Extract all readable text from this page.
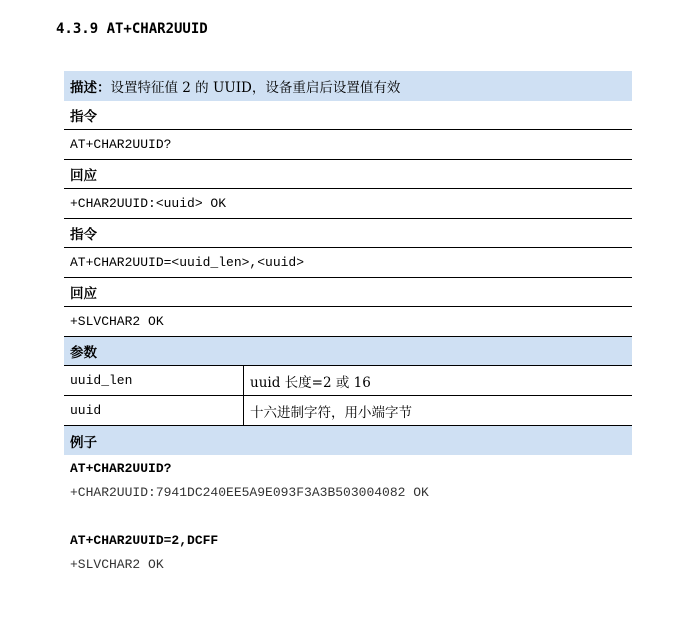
4.3.9 AT+CHAR2UUID
描述： 设置特征值 2 的 UUID，设备重启后设置值有效
指令
AT+CHAR2UUID?
回应
+CHAR2UUID:<uuid> OK
指令
AT+CHAR2UUID=<uuid_len>,<uuid>
回应
+SLVCHAR2 OK
参数
uuid_len	uuid 长度=2 或 16
uuid	十六进制字符，用小端字节
例子
AT+CHAR2UUID?
+CHAR2UUID:7941DC240EE5A9E093F3A3B503004082 OK
AT+CHAR2UUID=2,DCFF
+SLVCHAR2 OK
